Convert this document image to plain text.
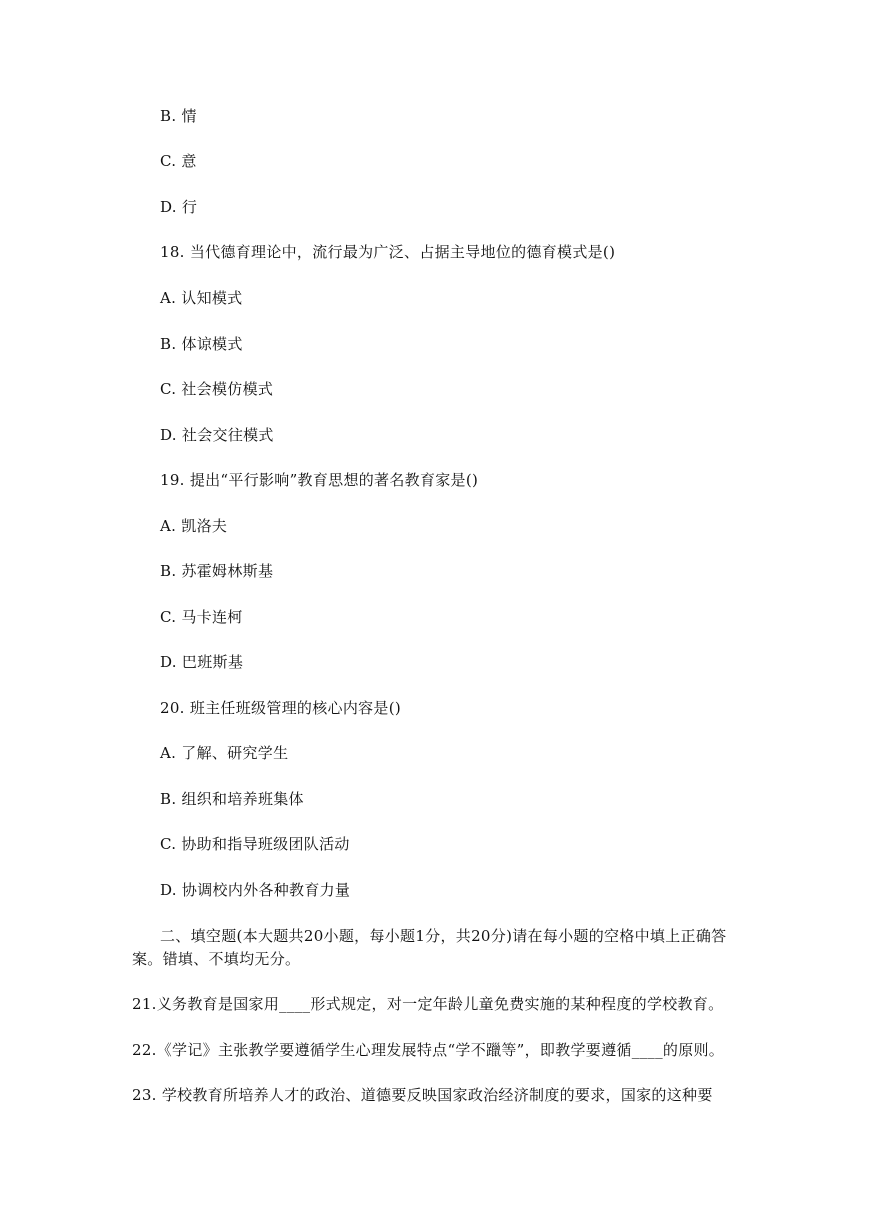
B. 情
C. 意
D. 行
18. 当代德育理论中，流行最为广泛、占据主导地位的德育模式是()
A. 认知模式
B. 体谅模式
C. 社会模仿模式
D. 社会交往模式
19. 提出“平行影响”教育思想的著名教育家是()
A. 凯洛夫
B. 苏霍姆林斯基
C. 马卡连柯
D. 巴班斯基
20. 班主任班级管理的核心内容是()
A. 了解、研究学生
B. 组织和培养班集体
C. 协助和指导班级团队活动
D. 协调校内外各种教育力量
二、填空题(本大题共20小题，每小题1分，共20分)请在每小题的空格中填上正确答
案。错填、不填均无分。
21.义务教育是国家用____形式规定，对一定年龄儿童免费实施的某种程度的学校教育。
22.《学记》主张教学要遵循学生心理发展特点“学不躐等”，即教学要遵循____的原则。
23. 学校教育所培养人才的政治、道德要反映国家政治经济制度的要求，国家的这种要
